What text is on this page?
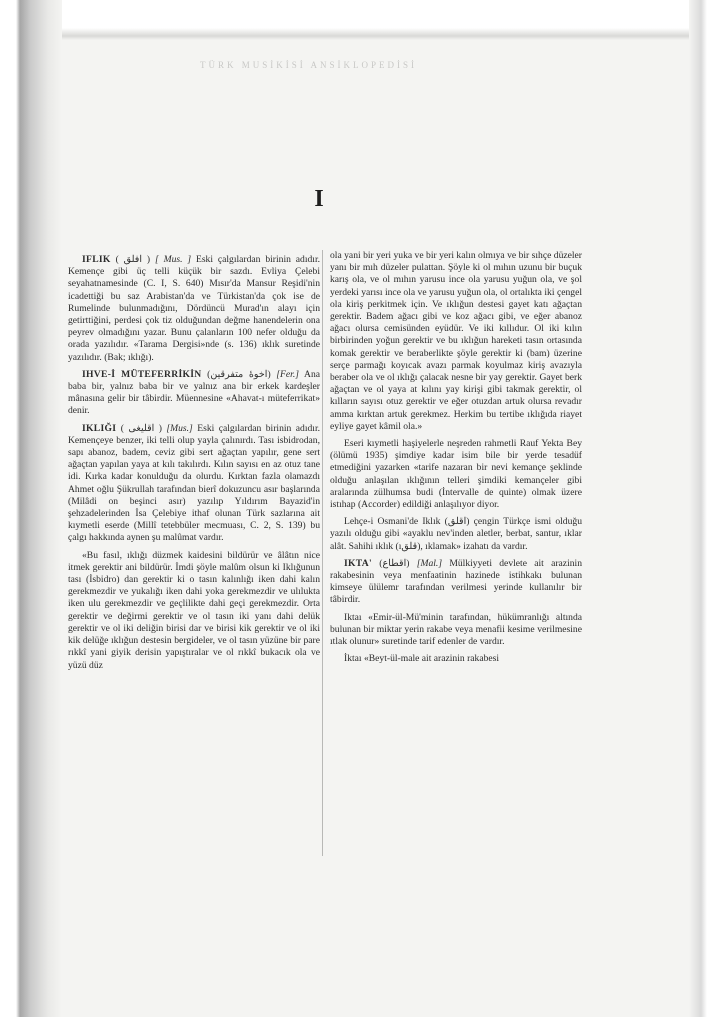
TÜRK MUSİKİSİ ANSİKLOPEDİSİ
I

IFLIK ( افلق ) [ Mus. ] Eski çalgılardan birinin adıdır. Kemençe gibi üç telli küçük bir sazdı. Evliya Çelebi seyahatnamesinde (C. I, S. 640) Mısır'da Mansur Reşidi'nin icadettiği bu saz Arabistan'da ve Türkistan'da çok ise de Rumelinde bulunmadığını, Dördüncü Murad'ın alayı için getirttiğini, perdesi çok tiz olduğundan değme hanendelerin ona peyrev olmadığını yazar. Bunu çalanların 100 nefer olduğu da orada yazılıdır. «Tarama Dergisi»nde (s. 136) ıklık suretinde yazılıdır. (Bak; ıklığı).

IHVE-İ MÜTEFERRİKİN (اخوهٔ متفرقين) [Fer.] Ana baba bir, yalnız baba bir ve yalnız ana bir erkek kardeşler mânasına gelir bir tâbirdir. Müennesine «Ahavat-ı müteferrikat» denir.

IKLIĞI ( اقليغى ) [Mus.] Eski çalgılardan birinin adıdır. Kemençeye benzer, iki telli olup yayla çalınırdı. Tası isbidrodan, sapı abanoz, badem, ceviz gibi sert ağaçtan yapılır, gene sert ağaçtan yapılan yaya at kılı takılırdı. Kılın sayısı en az otuz tane idi. Kırka kadar konulduğu da olurdu. Kırktan fazla olamazdı Ahmet oğlu Şükrullah tarafından bierî dokuzuncu asır başlarında (Milâdi on beşinci asır) yazılıp Yıldırım Bayazid'in şehzadelerinden İsa Çelebiye ithaf olunan Türk sazlarına ait kıymetli eserde (Millî tetebbüler mecmuası, C. 2, S. 139) bu çalgı hakkında aynen şu malûmat vardır.

«Bu fasıl, ıklığı düzmek kaidesini bildürür ve âlâtın nice itmek gerektir ani bildürür. İmdi şöyle malûm olsun ki Iklığunun tası (İsbidro) dan gerektir ki o tasın kalınlığı iken dahi kalın gerekmezdir ve yukalığı iken dahi yoka gerekmezdir ve ulılukta iken ulu gerekmezdir ve geçlilikte dahi geçi gerekmezdir. Orta gerektir ve değirmi gerektir ve ol tasın iki yanı dahi delük gerektir ve ol iki deliğin birisi dar ve birisi kik gerektir ve ol iki kik delüğe ıklığun destesin bergideler, ve ol tasın yüzüne bir pare rıkkî yani giyik derisin yapıştıralar ve ol rıkkî bukacık ola ve yüzü düz

ola yani bir yeri yuka ve bir yeri kalın olmıya ve bir sıhçe düzeler yanı bir mıh düzeler pulattan. Şöyle ki ol mıhın uzunu bir buçuk karış ola, ve ol mıhın yarusu ince ola yarusu yuğun ola, ve şol yerdeki yarısı ince ola ve yarusu yuğun ola, ol ortalıkta iki çengel ola kiriş perkitmek için. Ve ıklığun destesi gayet katı ağaçtan gerektir. Badem ağacı gibi ve koz ağacı gibi, ve eğer abanoz ağacı olursa cemisünden eyüdür. Ve iki kıllıdur. Ol iki kılın birbirinden yoğun gerektir ve bu ıklığun hareketi tasın ortasında komak gerektir ve beraberlikte şöyle gerektir ki (bam) üzerine serçe parmağı koyıcak avazı parmak koyulmaz kiriş avazıyla beraber ola ve ol ıklığı çalacak nesne bir yay gerektir. Gayet berk ağaçtan ve ol yaya at kılını yay kirişi gibi takmak gerektir, ol kılların sayısı otuz gerektir ve eğer otuzdan artuk olursa revadır amma kırktan artuk gerekmez. Herkim bu tertibe ıklığıda riayet eyliye gayet kâmil ola.»

Eseri kıymetli haşiyelerle neşreden rahmetli Rauf Yekta Bey (ölümü 1935) şimdiye kadar isim bile bir yerde tesadüf etmediğini yazarken «tarife nazaran bir nevi kemançe şeklinde olduğu anlaşılan ıklığının telleri şimdiki kemançeler gibi aralarında zülhumsa budi (İntervalle de quinte) olmak üzere istıhap (Accorder) edildiği anlaşılıyor diyor.

Lehçe-i Osmani'de Iklık (اقلق) çengin Türkçe ismi olduğu yazılı olduğu gibi «ayaklu nev'inden aletler, berbat, santur, ıklar alât. Sahihi ıklık (ıقلق), ıklamak» izahatı da vardır.

IKTA' (اقطاع) [Mal.] Mülkiyyeti devlete ait arazinin rakabesinin veya menfaatinin hazinede istihkakı bulunan kimseye ülülemr tarafından verilmesi yerinde kullanılır bir tâbirdir.

Iktaı «Emir-ül-Mü'minin tarafından, hükümranlığı altında bulunan bir miktar yerin rakabe veya menafii kesime verilmesine ıtlak olunur» suretinde tarif edenler de vardır.

İktaı «Beyt-ül-male ait arazinin rakabesi
